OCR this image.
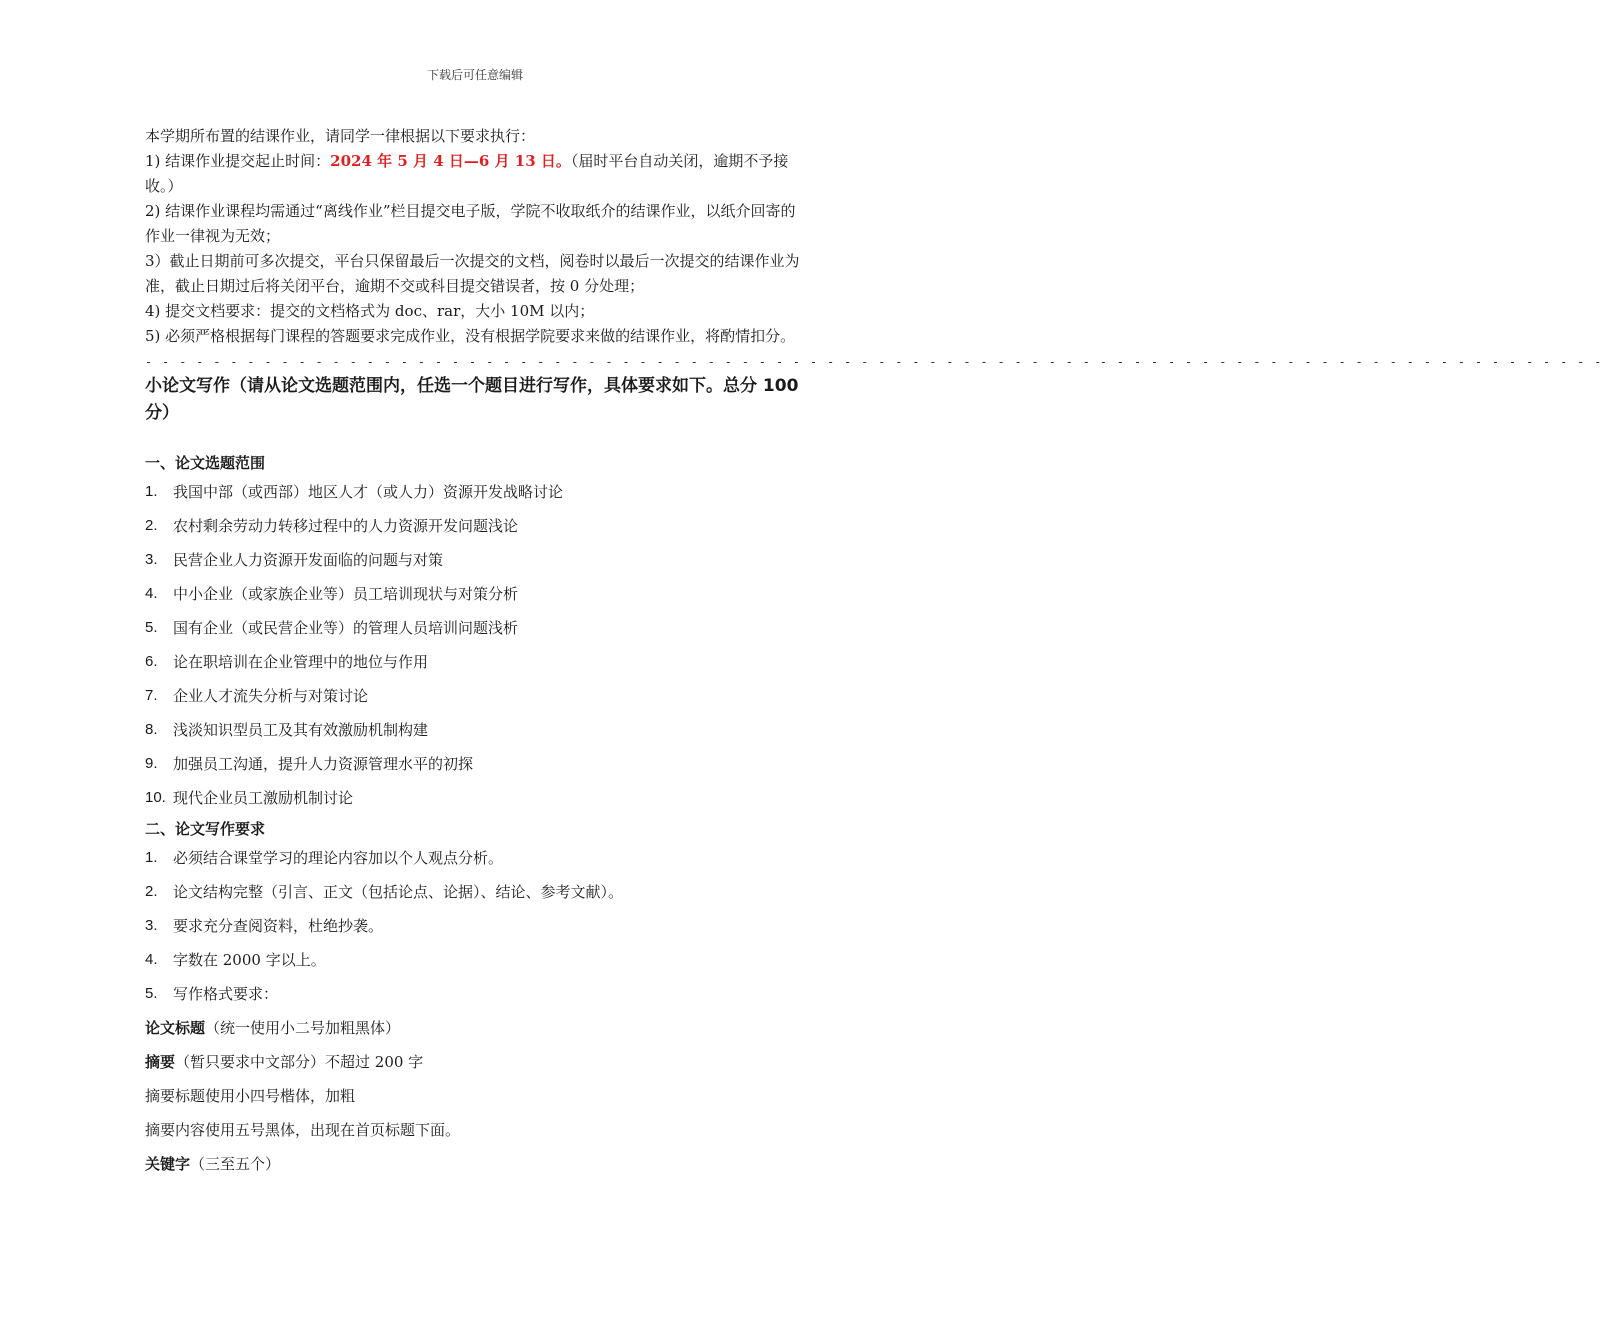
下载后可任意编辑

本学期所布置的结课作业，请同学一律根据以下要求执行：

1) 结课作业提交起止时间：2024 年 5 月 4 日—6 月 13 日。（届时平台自动关闭，逾期不予接收。）

2) 结课作业课程均需通过“离线作业”栏目提交电子版，学院不收取纸介的结课作业，以纸介回寄的作业一律视为无效；

3）截止日期前可多次提交，平台只保留最后一次提交的文档，阅卷时以最后一次提交的结课作业为准，截止日期过后将关闭平台，逾期不交或科目提交错误者，按 0 分处理；

4) 提交文档要求：提交的文档格式为 doc、rar，大小 10M 以内；

5) 必须严格根据每门课程的答题要求完成作业，没有根据学院要求来做的结课作业，将酌情扣分。

- - - - - - - - - - - - - - - - - - - - - - - - - - - - - - - - - - - - - - - - - - - - - - - - - - - - - - - - - - - - - - - - - - - - - - - - - - - - - - - - - - - - - -
小论文写作（请从论文选题范围内，任选一个题目进行写作，具体要求如下。总分 100 分）
一、论文选题范围
1. 我国中部（或西部）地区人才（或人力）资源开发战略讨论
2. 农村剩余劳动力转移过程中的人力资源开发问题浅论
3. 民营企业人力资源开发面临的问题与对策
4. 中小企业（或家族企业等）员工培训现状与对策分析
5. 国有企业（或民营企业等）的管理人员培训问题浅析
6. 论在职培训在企业管理中的地位与作用
7. 企业人才流失分析与对策讨论
8. 浅淡知识型员工及其有效激励机制构建
9. 加强员工沟通，提升人力资源管理水平的初探
10. 现代企业员工激励机制讨论
二、论文写作要求
1. 必须结合课堂学习的理论内容加以个人观点分析。
2. 论文结构完整（引言、正文（包括论点、论据）、结论、参考文献）。
3. 要求充分查阅资料，杜绝抄袭。
4. 字数在 2000 字以上。
5. 写作格式要求：
论文标题（统一使用小二号加粗黑体）
摘要（暂只要求中文部分）不超过 200 字
摘要标题使用小四号楷体，加粗
摘要内容使用五号黑体，出现在首页标题下面。
关键字（三至五个）
